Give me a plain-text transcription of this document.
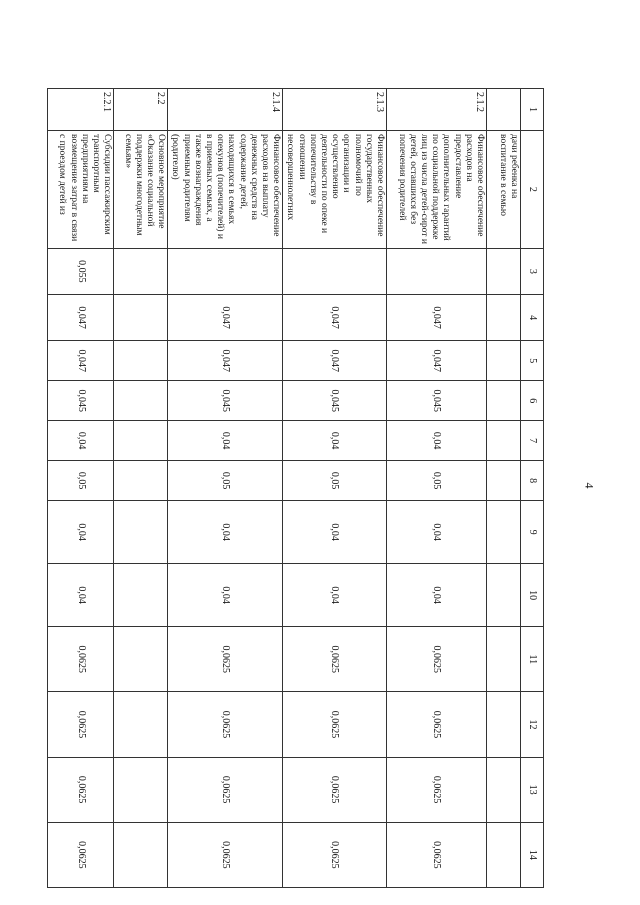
4
1	2	3	4	5	6	7	8	9	10	11	12	13	14
	дачи ребенка на воспитание в семью												
2.1.2	Финансовое обеспечение расходов на предоставление дополнительных гарантий по социальной поддержке лиц из числа детей-сирот и детей, оставшихся без попечения родителей		0,047	0,047	0,045	0,04	0,05	0,04	0,04	0,0625	0,0625	0,0625	0,0625
2.1.3	Финансовое обеспечение государственных полномочий по организации и осуществлению деятельности по опеке и попечительству в отношении несовершеннолетних		0,047	0,047	0,045	0,04	0,05	0,04	0,04	0,0625	0,0625	0,0625	0,0625
2.1.4	Финансовое обеспечение расходов на выплату денежных средств на содержание детей, находящихся в семьях опекунов (попечителей) и в приемных семьях, а также вознаграждения приемным родителям (родителю)		0,047	0,047	0,045	0,04	0,05	0,04	0,04	0,0625	0,0625	0,0625	0,0625
2.2	Основное мероприятие «Оказание социальной поддержки многодетным семьям»												
2.2.1	Субсидии пассажирским транспортным предприятиям на возмещение затрат в связи с проездом детей из	0,055	0,047	0,047	0,045	0,04	0,05	0,04	0,04	0,0625	0,0625	0,0625	0,0625
